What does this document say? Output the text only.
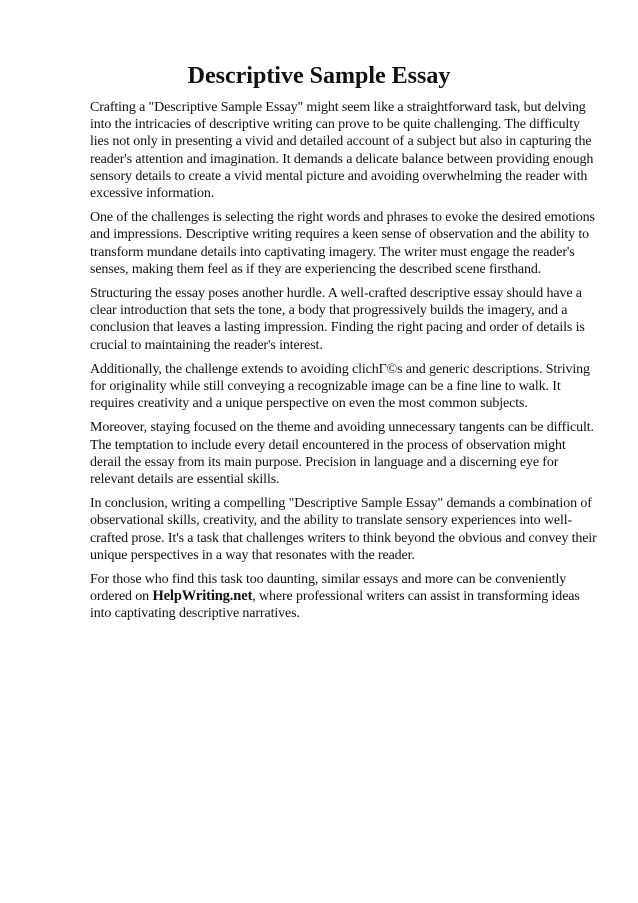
Descriptive Sample Essay

Crafting a "Descriptive Sample Essay" might seem like a straightforward task, but delving into the intricacies of descriptive writing can prove to be quite challenging. The difficulty lies not only in presenting a vivid and detailed account of a subject but also in capturing the reader's attention and imagination. It demands a delicate balance between providing enough sensory details to create a vivid mental picture and avoiding overwhelming the reader with excessive information.

One of the challenges is selecting the right words and phrases to evoke the desired emotions and impressions. Descriptive writing requires a keen sense of observation and the ability to transform mundane details into captivating imagery. The writer must engage the reader's senses, making them feel as if they are experiencing the described scene firsthand.

Structuring the essay poses another hurdle. A well-crafted descriptive essay should have a clear introduction that sets the tone, a body that progressively builds the imagery, and a conclusion that leaves a lasting impression. Finding the right pacing and order of details is crucial to maintaining the reader's interest.

Additionally, the challenge extends to avoiding clichΓ©s and generic descriptions. Striving for originality while still conveying a recognizable image can be a fine line to walk. It requires creativity and a unique perspective on even the most common subjects.

Moreover, staying focused on the theme and avoiding unnecessary tangents can be difficult. The temptation to include every detail encountered in the process of observation might derail the essay from its main purpose. Precision in language and a discerning eye for relevant details are essential skills.

In conclusion, writing a compelling "Descriptive Sample Essay" demands a combination of observational skills, creativity, and the ability to translate sensory experiences into well-crafted prose. It's a task that challenges writers to think beyond the obvious and convey their unique perspectives in a way that resonates with the reader.

For those who find this task too daunting, similar essays and more can be conveniently ordered on HelpWriting.net, where professional writers can assist in transforming ideas into captivating descriptive narratives.
